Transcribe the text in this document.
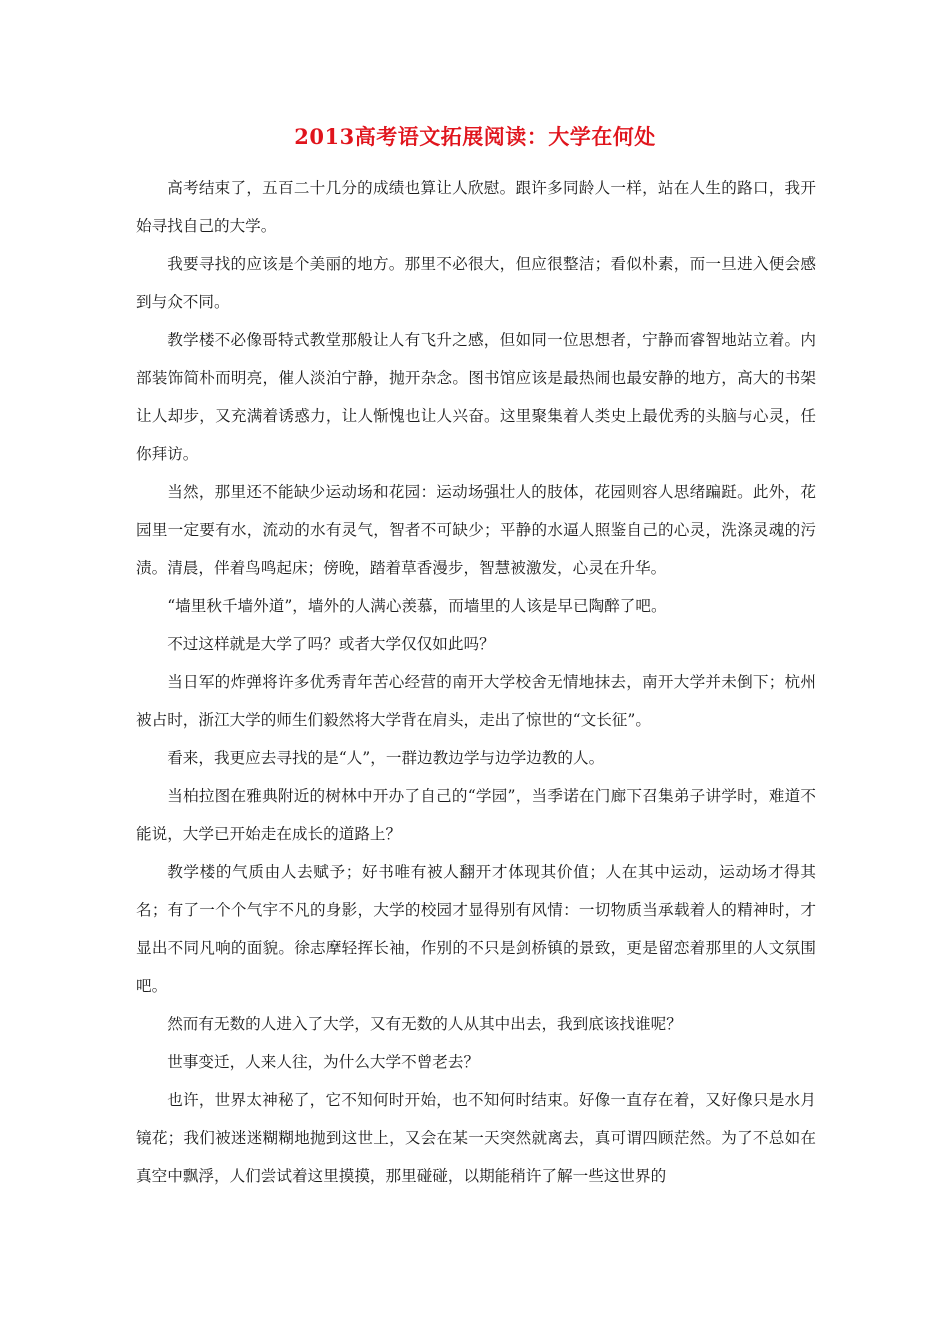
2013高考语文拓展阅读：大学在何处

高考结束了，五百二十几分的成绩也算让人欣慰。跟许多同龄人一样，站在人生的路口，我开始寻找自己的大学。

我要寻找的应该是个美丽的地方。那里不必很大，但应很整洁；看似朴素，而一旦进入便会感到与众不同。

教学楼不必像哥特式教堂那般让人有飞升之感，但如同一位思想者，宁静而睿智地站立着。内部装饰简朴而明亮，催人淡泊宁静，抛开杂念。图书馆应该是最热闹也最安静的地方，高大的书架让人却步，又充满着诱惑力，让人惭愧也让人兴奋。这里聚集着人类史上最优秀的头脑与心灵，任你拜访。

当然，那里还不能缺少运动场和花园：运动场强壮人的肢体，花园则容人思绪蹁跹。此外，花园里一定要有水，流动的水有灵气，智者不可缺少；平静的水逼人照鉴自己的心灵，洗涤灵魂的污渍。清晨，伴着鸟鸣起床；傍晚，踏着草香漫步，智慧被激发，心灵在升华。

“墙里秋千墙外道”，墙外的人满心羡慕，而墙里的人该是早已陶醉了吧。

不过这样就是大学了吗？或者大学仅仅如此吗？

当日军的炸弹将许多优秀青年苦心经营的南开大学校舍无情地抹去，南开大学并未倒下；杭州被占时，浙江大学的师生们毅然将大学背在肩头，走出了惊世的“文长征”。

看来，我更应去寻找的是“人”，一群边教边学与边学边教的人。

当柏拉图在雅典附近的树林中开办了自己的“学园”，当季诺在门廊下召集弟子讲学时，难道不能说，大学已开始走在成长的道路上？

教学楼的气质由人去赋予；好书唯有被人翻开才体现其价值；人在其中运动，运动场才得其名；有了一个个气宇不凡的身影，大学的校园才显得别有风情：一切物质当承载着人的精神时，才显出不同凡响的面貌。徐志摩轻挥长袖，作别的不只是剑桥镇的景致，更是留恋着那里的人文氛围吧。

然而有无数的人进入了大学，又有无数的人从其中出去，我到底该找谁呢？

世事变迁，人来人往，为什么大学不曾老去？

也许，世界太神秘了，它不知何时开始，也不知何时结束。好像一直存在着，又好像只是水月镜花；我们被迷迷糊糊地抛到这世上，又会在某一天突然就离去，真可谓四顾茫然。为了不总如在真空中飘浮，人们尝试着这里摸摸，那里碰碰，以期能稍许了解一些这世界的
